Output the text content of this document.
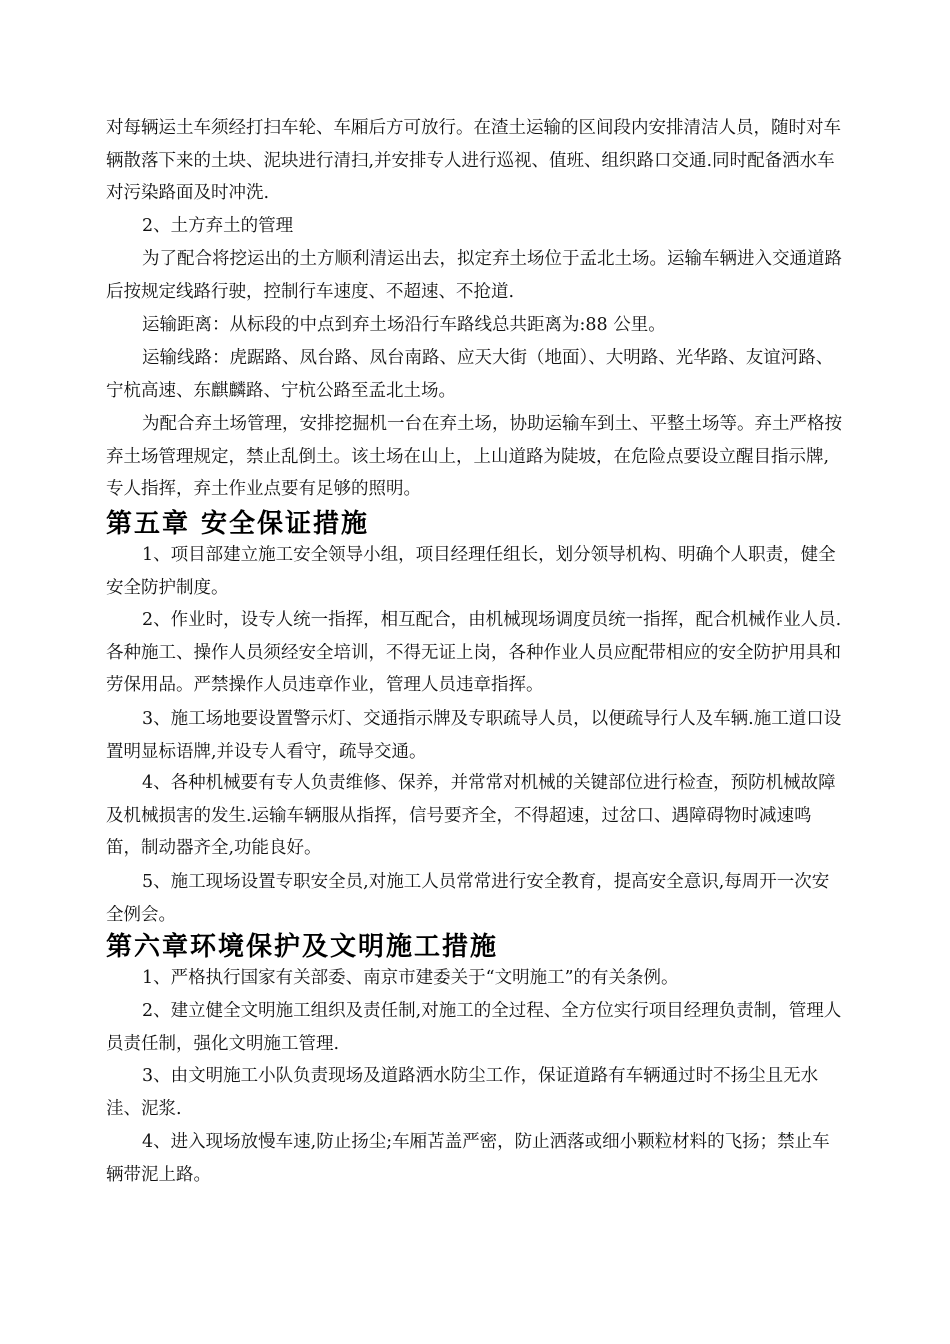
对每辆运土车须经打扫车轮、车厢后方可放行。在渣土运输的区间段内安排清洁人员，随时对车辆散落下来的土块、泥块进行清扫,并安排专人进行巡视、值班、组织路口交通.同时配备洒水车对污染路面及时冲洗.

2、土方弃土的管理

为了配合将挖运出的土方顺利清运出去，拟定弃土场位于孟北土场。运输车辆进入交通道路后按规定线路行驶，控制行车速度、不超速、不抢道.

运输距离：从标段的中点到弃土场沿行车路线总共距离为:88 公里。

运输线路：虎踞路、凤台路、凤台南路、应天大街（地面）、大明路、光华路、友谊河路、宁杭高速、东麒麟路、宁杭公路至孟北土场。

为配合弃土场管理，安排挖掘机一台在弃土场，协助运输车到土、平整土场等。弃土严格按弃土场管理规定，禁止乱倒土。该土场在山上，上山道路为陡坡，在危险点要设立醒目指示牌,专人指挥，弃土作业点要有足够的照明。

第五章 安全保证措施

1、项目部建立施工安全领导小组，项目经理任组长，划分领导机构、明确个人职责，健全安全防护制度。

2、作业时，设专人统一指挥，相互配合，由机械现场调度员统一指挥，配合机械作业人员.各种施工、操作人员须经安全培训，不得无证上岗，各种作业人员应配带相应的安全防护用具和劳保用品。严禁操作人员违章作业，管理人员违章指挥。

3、施工场地要设置警示灯、交通指示牌及专职疏导人员，以便疏导行人及车辆.施工道口设置明显标语牌,并设专人看守，疏导交通。

4、各种机械要有专人负责维修、保养，并常常对机械的关键部位进行检查，预防机械故障及机械损害的发生.运输车辆服从指挥，信号要齐全，不得超速，过岔口、遇障碍物时减速鸣笛，制动器齐全,功能良好。

5、施工现场设置专职安全员,对施工人员常常进行安全教育，提高安全意识,每周开一次安全例会。

第六章环境保护及文明施工措施

1、严格执行国家有关部委、南京市建委关于“文明施工”的有关条例。

2、建立健全文明施工组织及责任制,对施工的全过程、全方位实行项目经理负责制，管理人员责任制，强化文明施工管理.

3、由文明施工小队负责现场及道路洒水防尘工作，保证道路有车辆通过时不扬尘且无水洼、泥浆.

4、进入现场放慢车速,防止扬尘;车厢苫盖严密，防止洒落或细小颗粒材料的飞扬；禁止车辆带泥上路。
